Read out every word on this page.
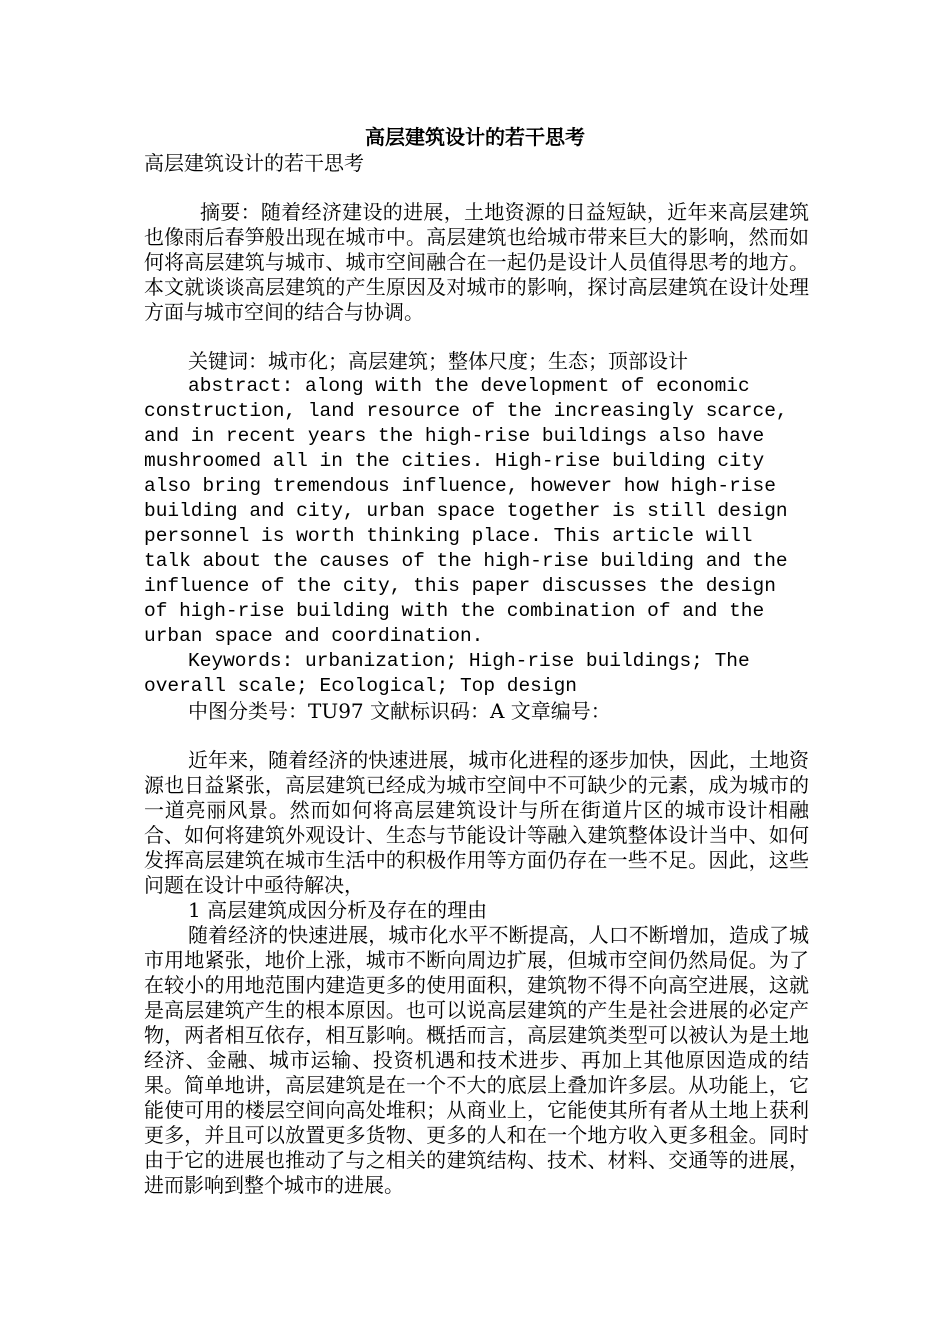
高层建筑设计的若干思考

高层建筑设计的若干思考

摘要：随着经济建设的进展，土地资源的日益短缺，近年来高层建筑也像雨后春笋般出现在城市中。高层建筑也给城市带来巨大的影响，然而如何将高层建筑与城市、城市空间融合在一起仍是设计人员值得思考的地方。本文就谈谈高层建筑的产生原因及对城市的影响，探讨高层建筑在设计处理方面与城市空间的结合与协调。

关键词：城市化；高层建筑；整体尺度；生态；顶部设计

abstract: along with the development of economic construction, land resource of the increasingly scarce, and in recent years the high-rise buildings also have mushroomed all in the cities. High-rise building city also bring tremendous influence, however how high-rise building and city, urban space together is still design personnel is worth thinking place. This article will talk about the causes of the high-rise building and the influence of the city, this paper discusses the design of high-rise building with the combination of and the urban space and coordination.

Keywords: urbanization; High-rise buildings; The overall scale; Ecological; Top design

中图分类号：TU97 文献标识码：A 文章编号：

近年来，随着经济的快速进展，城市化进程的逐步加快，因此，土地资源也日益紧张，高层建筑已经成为城市空间中不可缺少的元素，成为城市的一道亮丽风景。然而如何将高层建筑设计与所在街道片区的城市设计相融合、如何将建筑外观设计、生态与节能设计等融入建筑整体设计当中、如何发挥高层建筑在城市生活中的积极作用等方面仍存在一些不足。因此，这些问题在设计中亟待解决，

1 高层建筑成因分析及存在的理由

随着经济的快速进展，城市化水平不断提高，人口不断增加，造成了城市用地紧张，地价上涨，城市不断向周边扩展，但城市空间仍然局促。为了在较小的用地范围内建造更多的使用面积，建筑物不得不向高空进展，这就是高层建筑产生的根本原因。也可以说高层建筑的产生是社会进展的必定产物，两者相互依存，相互影响。概括而言，高层建筑类型可以被认为是土地经济、金融、城市运输、投资机遇和技术进步、再加上其他原因造成的结果。简单地讲，高层建筑是在一个不大的底层上叠加许多层。从功能上，它能使可用的楼层空间向高处堆积；从商业上，它能使其所有者从土地上获利更多，并且可以放置更多货物、更多的人和在一个地方收入更多租金。同时由于它的进展也推动了与之相关的建筑结构、技术、材料、交通等的进展，进而影响到整个城市的进展。
